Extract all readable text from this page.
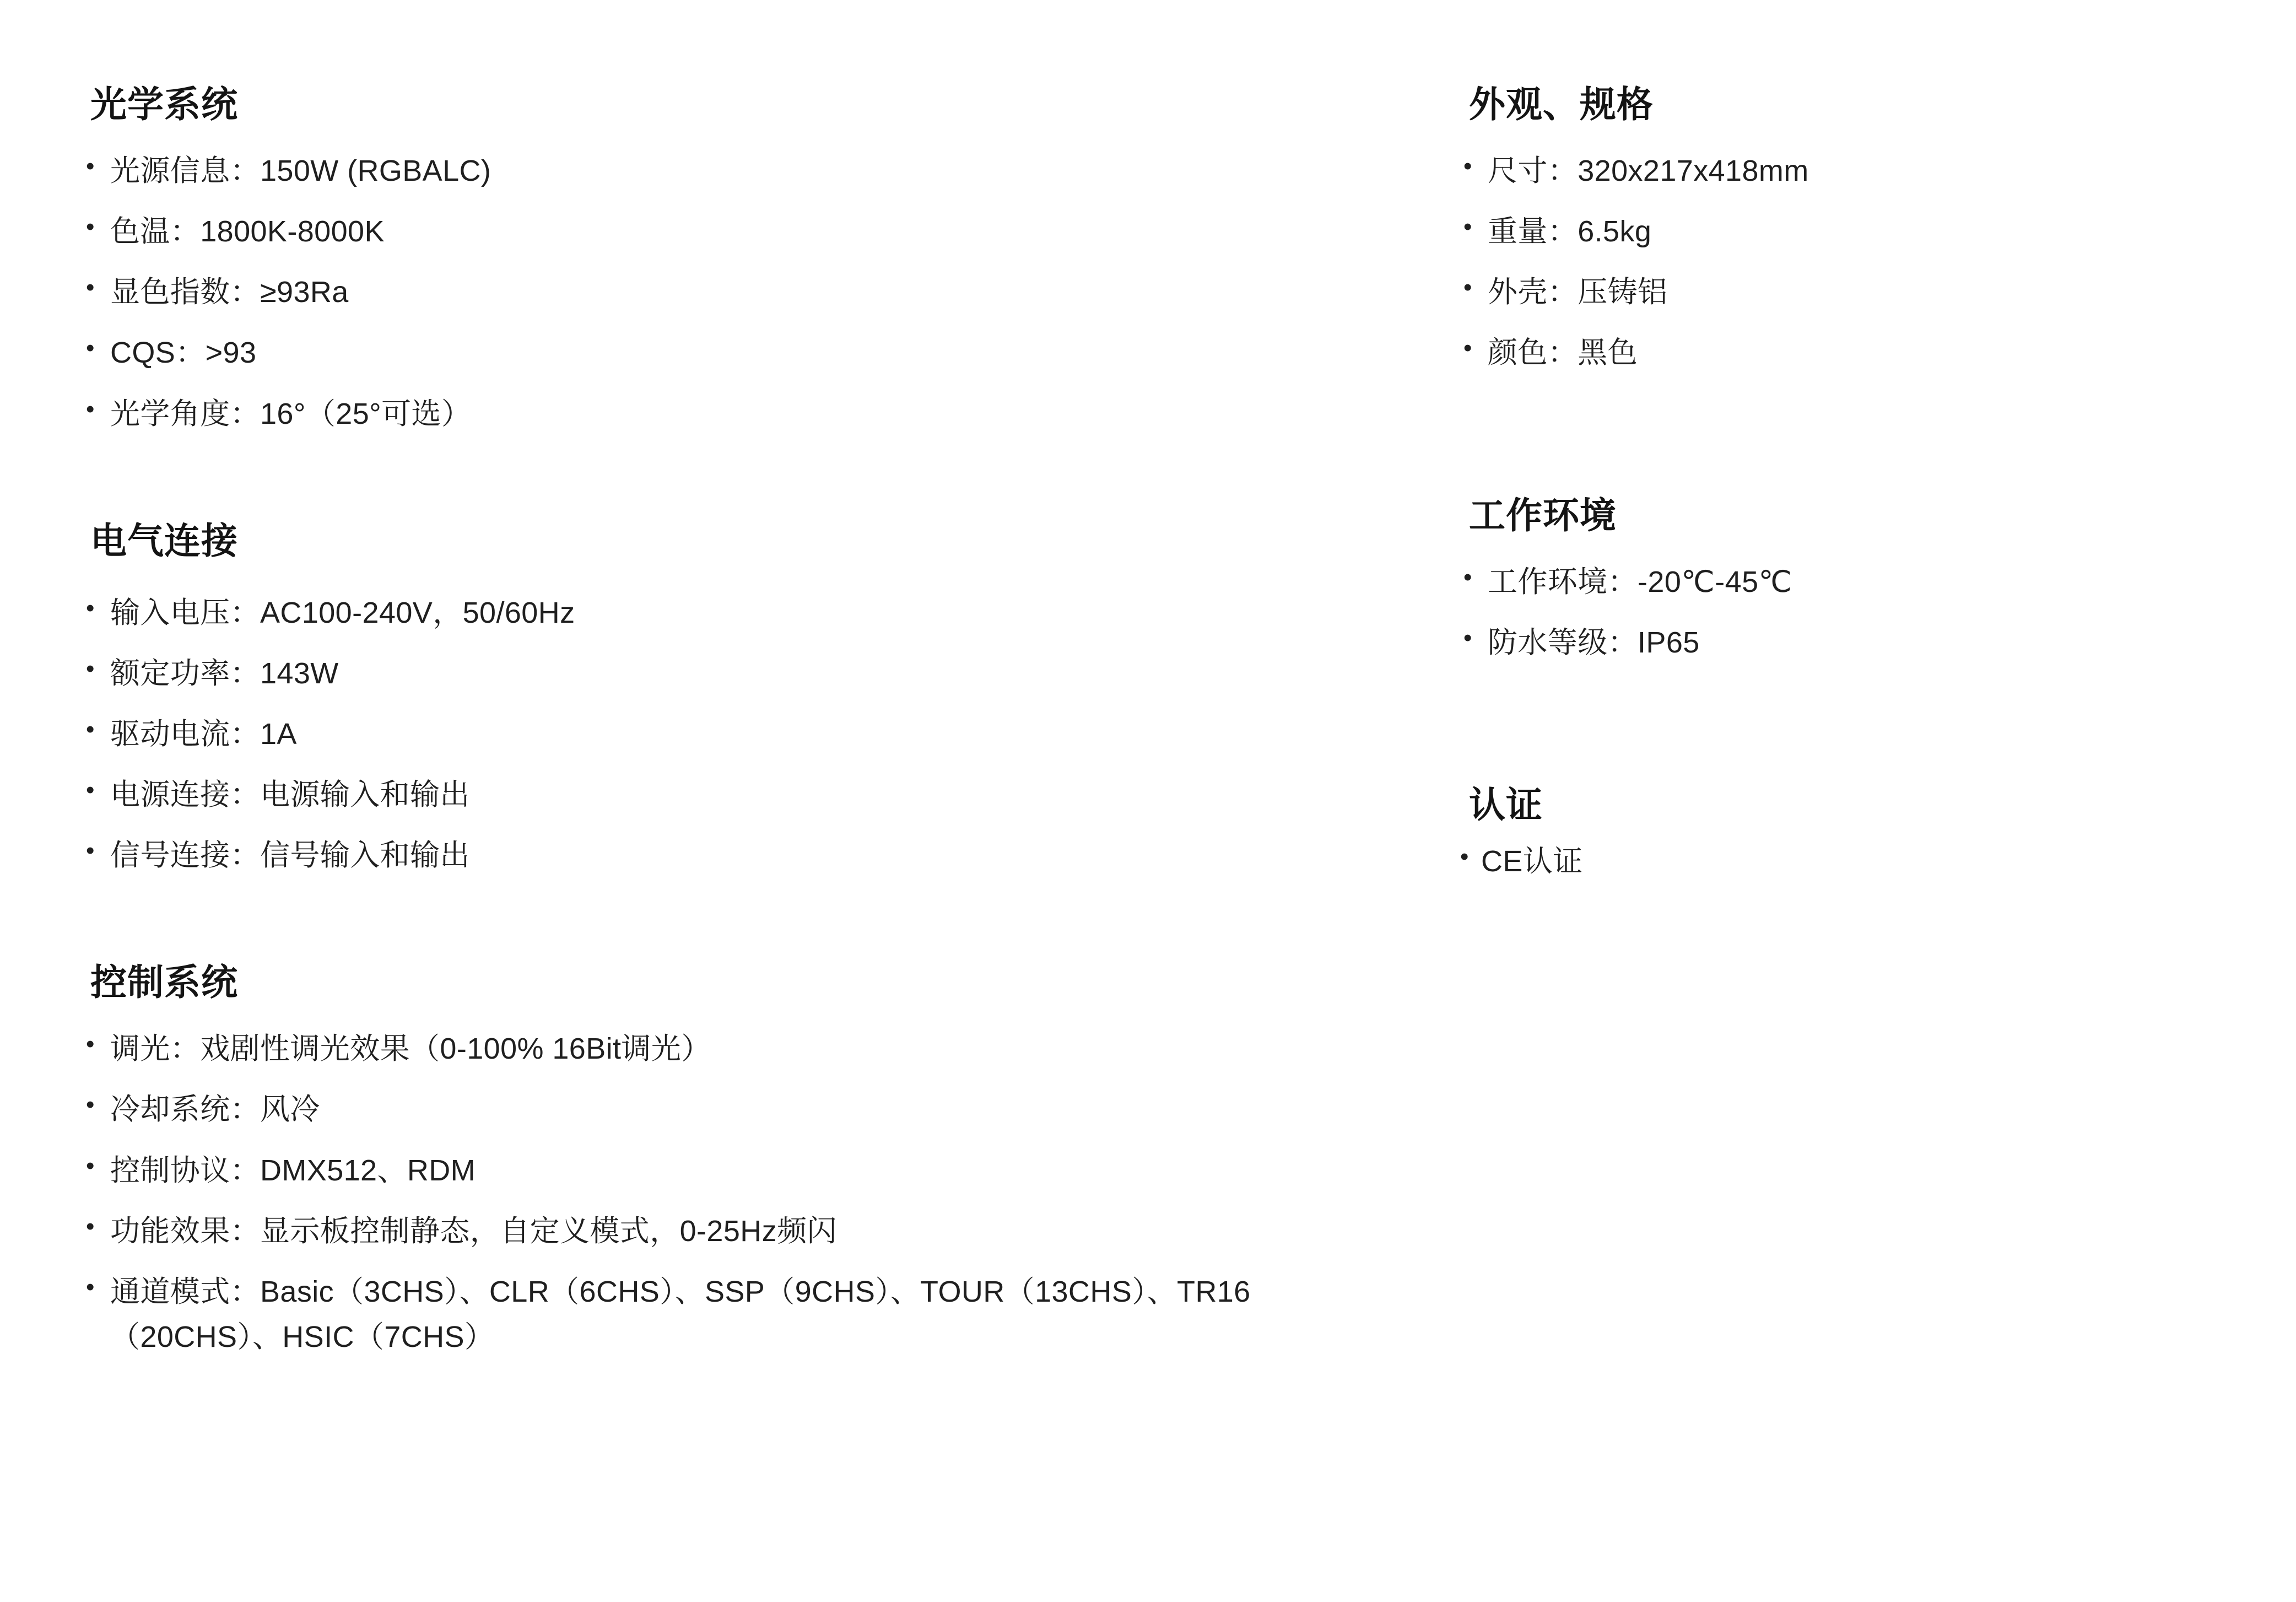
光学系统
• 光源信息：150W (RGBALC)
• 色温：1800K-8000K
• 显色指数：≥93Ra
• CQS：>93
• 光学角度：16°（25°可选）
电气连接
• 输入电压：AC100-240V，50/60Hz
• 额定功率：143W
• 驱动电流：1A
• 电源连接：电源输入和输出
• 信号连接：信号输入和输出
控制系统
• 调光：戏剧性调光效果（0-100% 16Bit调光）
• 冷却系统：风冷
• 控制协议：DMX512、RDM
• 功能效果：显示板控制静态，自定义模式，0-25Hz频闪
• 通道模式：Basic（3CHS）、CLR（6CHS）、SSP（9CHS）、TOUR（13CHS）、TR16（20CHS）、HSIC（7CHS）
外观、规格
• 尺寸：320x217x418mm
• 重量：6.5kg
• 外壳：压铸铝
• 颜色：黑色
工作环境
• 工作环境：-20℃-45℃
• 防水等级：IP65
认证
• CE认证
